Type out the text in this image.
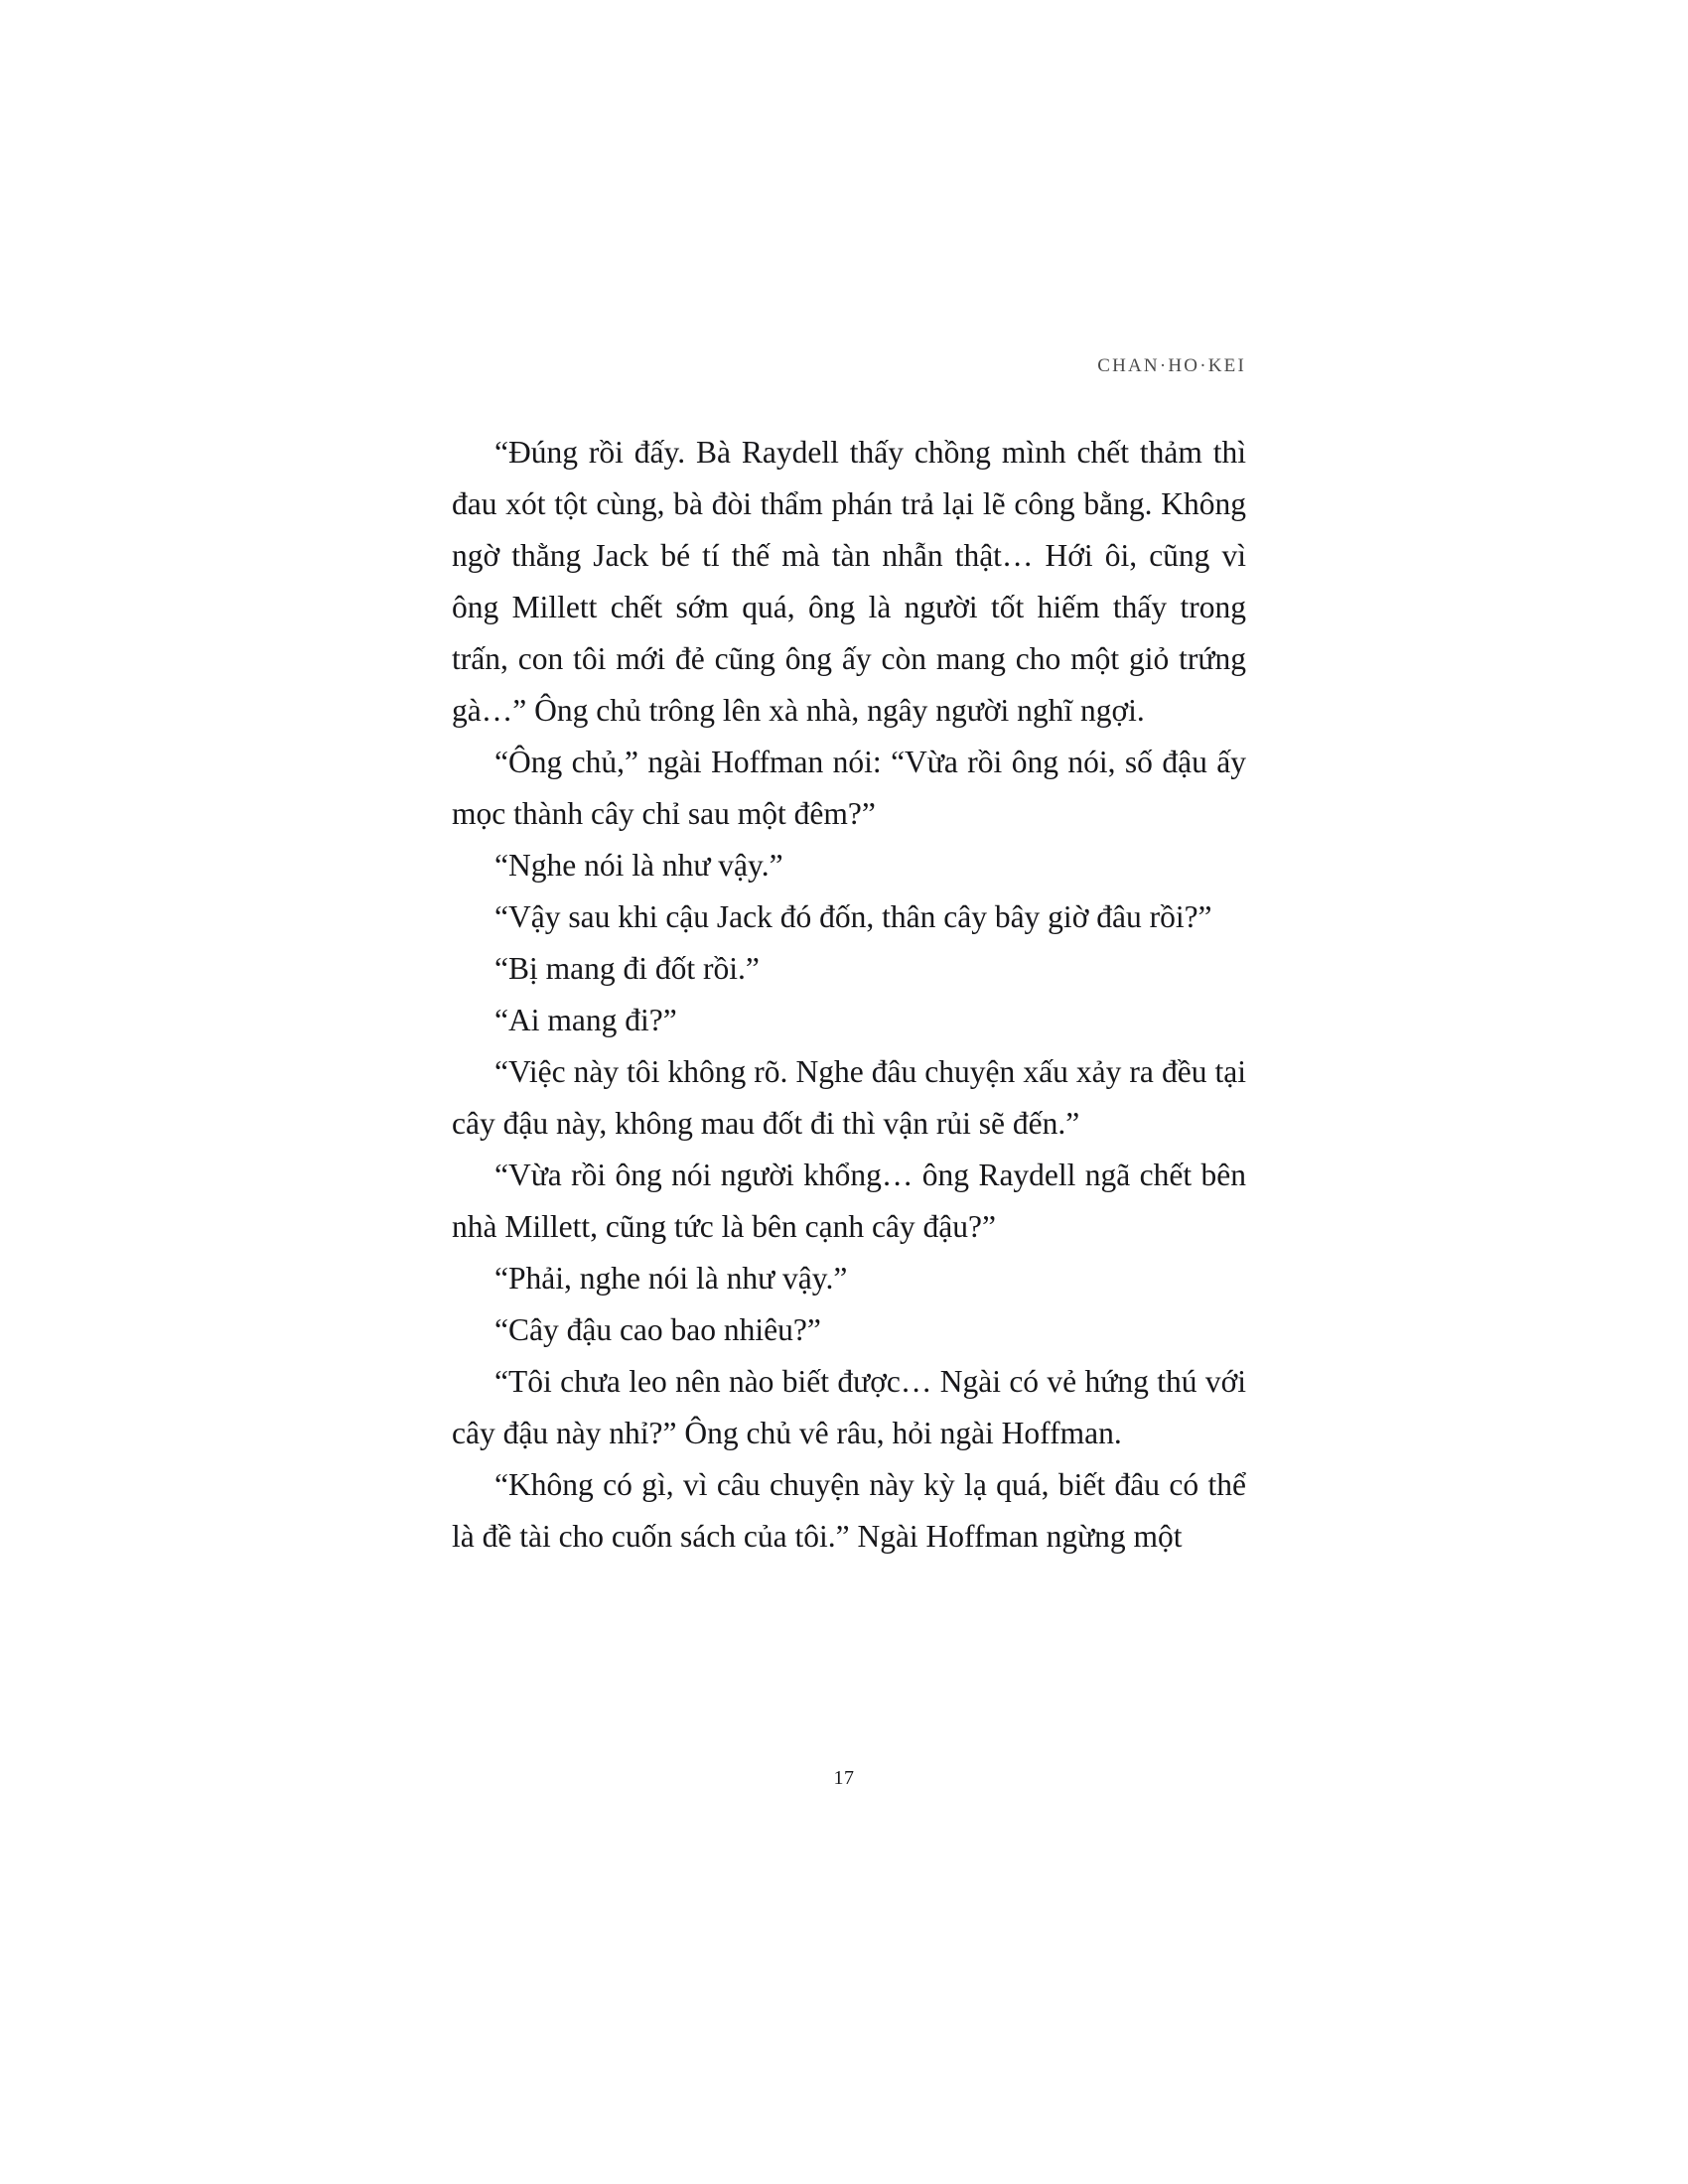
CHAN·HO·KEI

“Đúng rồi đấy. Bà Raydell thấy chồng mình chết thảm thì đau xót tột cùng, bà đòi thẩm phán trả lại lẽ công bằng. Không ngờ thằng Jack bé tí thế mà tàn nhẫn thật… Hới ôi, cũng vì ông Millett chết sớm quá, ông là người tốt hiếm thấy trong trấn, con tôi mới đẻ cũng ông ấy còn mang cho một giỏ trứng gà…” Ông chủ trông lên xà nhà, ngây người nghĩ ngợi.

“Ông chủ,” ngài Hoffman nói: “Vừa rồi ông nói, số đậu ấy mọc thành cây chỉ sau một đêm?”

“Nghe nói là như vậy.”

“Vậy sau khi cậu Jack đó đốn, thân cây bây giờ đâu rồi?”

“Bị mang đi đốt rồi.”

“Ai mang đi?”

“Việc này tôi không rõ. Nghe đâu chuyện xấu xảy ra đều tại cây đậu này, không mau đốt đi thì vận rủi sẽ đến.”

“Vừa rồi ông nói người khổng… ông Raydell ngã chết bên nhà Millett, cũng tức là bên cạnh cây đậu?”

“Phải, nghe nói là như vậy.”

“Cây đậu cao bao nhiêu?”

“Tôi chưa leo nên nào biết được… Ngài có vẻ hứng thú với cây đậu này nhỉ?” Ông chủ vê râu, hỏi ngài Hoffman.

“Không có gì, vì câu chuyện này kỳ lạ quá, biết đâu có thể là đề tài cho cuốn sách của tôi.” Ngài Hoffman ngừng một

17
